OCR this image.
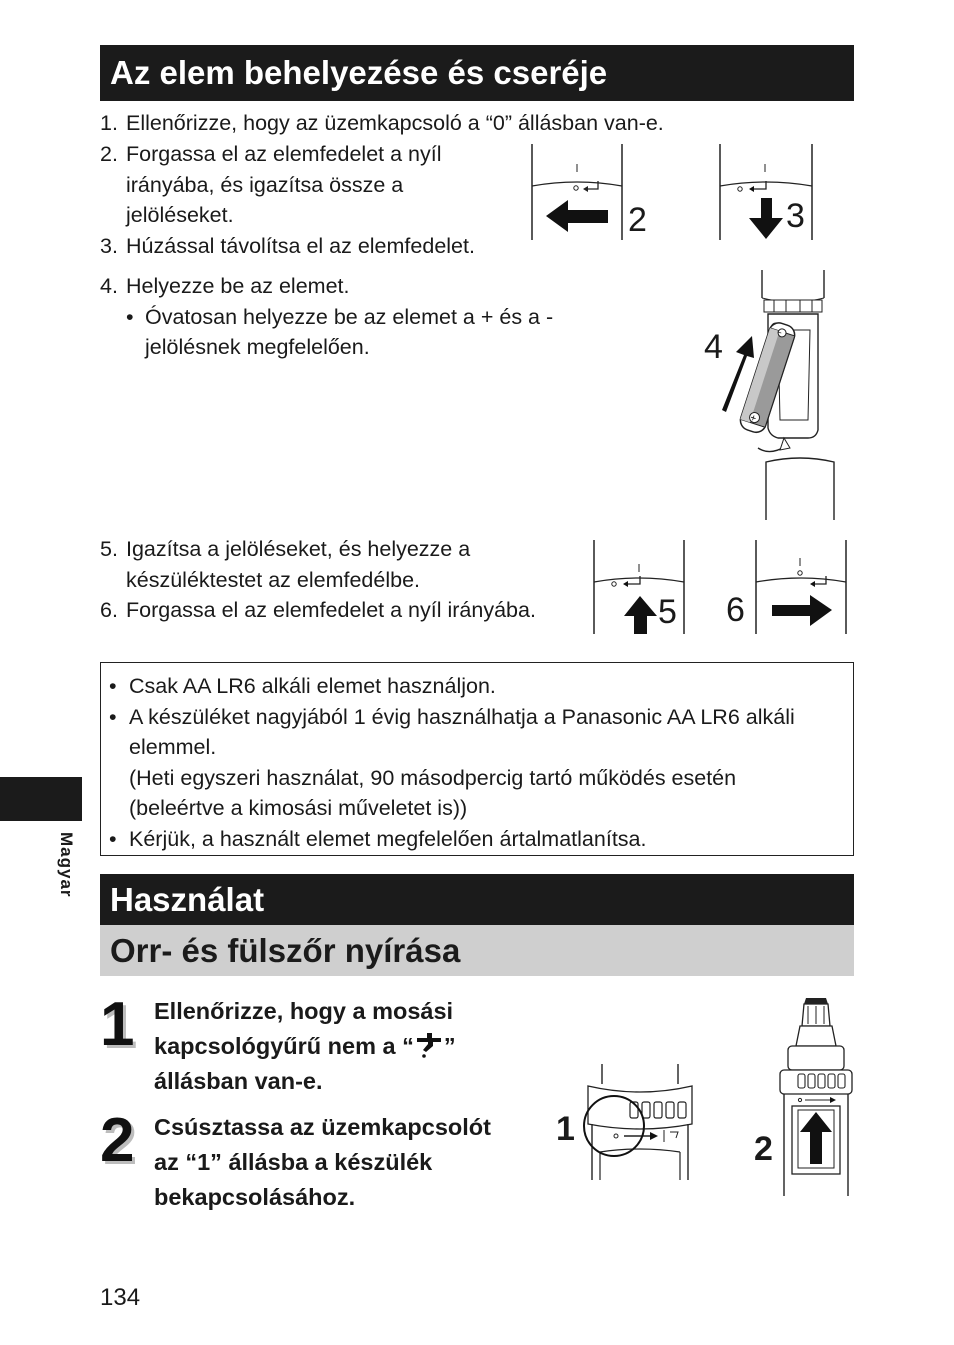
Az elem behelyezése és cseréje
1. Ellenőrizze, hogy az üzemkapcsoló a “0” állásban van-e.
2. Forgassa el az elemfedelet a nyíl
irányába, és igazítsa össze a
jelöléseket.
3. Húzással távolítsa el az elemfedelet.
4. Helyezze be az elemet.
• Óvatosan helyezze be az elemet a + és a -
jelölésnek megfelelően.
5. Igazítsa a jelöléseket, és helyezze a
készüléktestet az elemfedélbe.
6. Forgassa el az elemfedelet a nyíl irányába.
2	3
−
+
4
5 6
• Csak AA LR6 alkáli elemet használjon.
• A készüléket nagyjából 1 évig használhatja a Panasonic AA LR6 alkáli
elemmel.
(Heti egyszeri használat, 90 másodpercig tartó működés esetén
(beleértve a kimosási műveletet is))
• Kérjük, a használt elemet megfelelően ártalmatlanítsa.
Magyar
Használat
Orr- és fülszőr nyírása
1 Ellenőrizze, hogy a mosási
kapcsológyűrű nem a “ ”
állásban van-e.
2 Csúsztassa az üzemkapcsolót
az “1” állásba a készülék
bekapcsolásához.
1
2
134
